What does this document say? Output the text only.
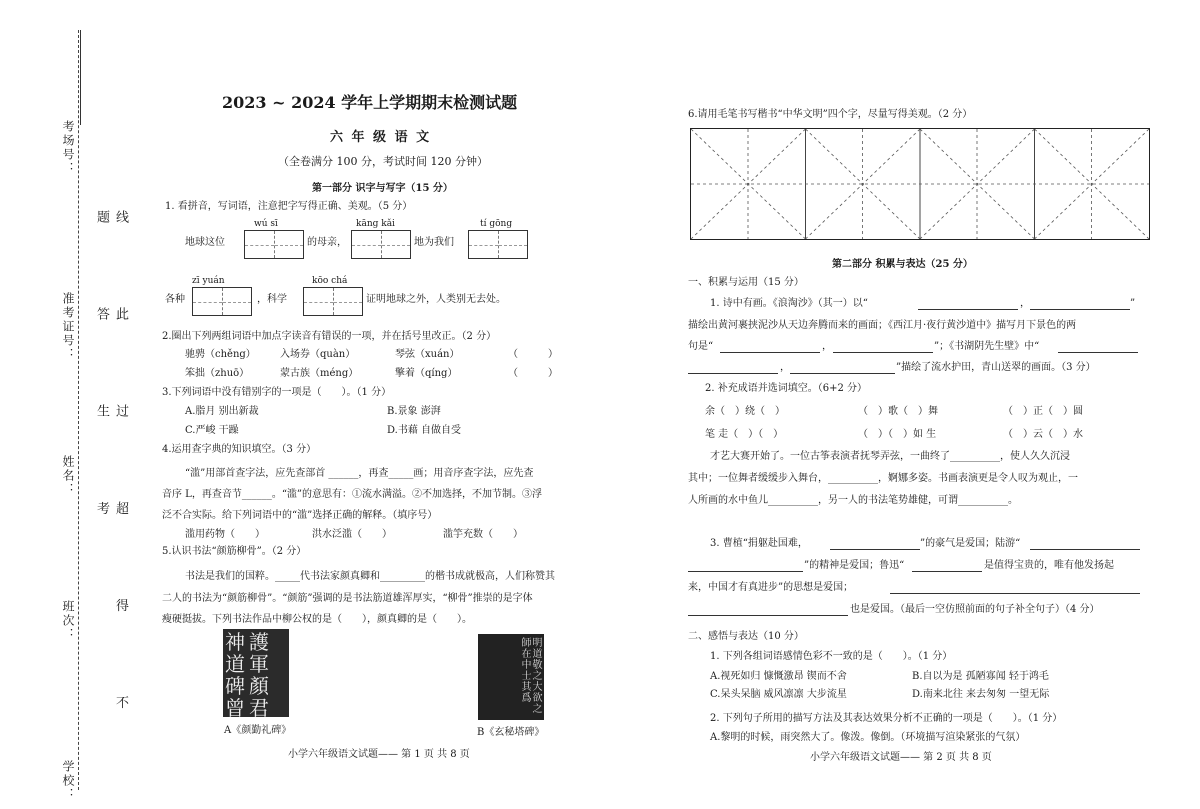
考场号：
准考证号：
姓名：
班次：
学校：
线 此 过 超 得 不 题 答 生 考
2023 ~ 2024 学年上学期期末检测试题
六 年 级 语 文
（全卷满分 100 分，考试时间 120 分钟）
第一部分 识字与写字（15 分）
1. 看拼音，写词语，注意把字写得正确、美观。（5 分）
wú sī	kāng kǎi	tí gōng
地球这位	的母亲，	地为我们
zī yuán	kōo chá
各种	，科学	证明地球之外，人类别无去处。
2.圈出下列两组词语中加点字读音有错误的一项，并在括号里改正。（2 分）
驰骋（chěng） 入场券（quàn）	琴弦（xuán）	（　　　）
笨拙（zhuō）	蒙古族（méng）	擎着（qíng）	（　　　）
3.下列词语中没有错别字的一项是（　　）。（1 分）
A.脂月 别出新裁	B.景象 澎湃
C.严峻 干躁	D.书藉 自做自受
4.运用查字典的知识填空。（3 分）
“滥”用部首查字法，应先查部首 ______，再查_____画；用音序查字法，应先查
音序 L，再查音节______。“滥”的意思有：①流水满溢。②不加选择，不加节制。③浮
泛不合实际。给下列词语中的“滥”选择正确的解释。（填序号）
滥用药物（　　）	洪水泛滥（　　）	滥竽充数（　　）
5.认识书法“颜筋柳骨”。（2 分）
书法是我们的国粹。_____代书法家颜真卿和_________的楷书成就极高，人们称赞其
二人的书法为“颜筋柳骨”。“颜筋”强调的是书法筋道雄浑厚实，“柳骨”推崇的是字体
瘦硬挺拔。下列书法作品中柳公权的是（　　），颜真卿的是（　　）。
神護道軍碑顏曾君
A《颜勤礼碑》
明道敬之大欲之師在中士其爲
B《玄秘塔碑》
小学六年级语文试题—— 第 1 页 共 8 页
6.请用毛笔书写楷书“中华文明”四个字，尽量写得美观。（2 分）
第二部分 积累与表达（25 分）
一、积累与运用（15 分）
1. 诗中有画。《浪淘沙》（其一）以“	，	”
描绘出黄河裹挟泥沙从天边奔腾而来的画面；《西江月·夜行黄沙道中》描写月下景色的两
句是“	，	”；《书湖阴先生壁》中“
，	”描绘了流水护田，青山送翠的画面。（3 分）
2. 补充成语并选词填空。（6+2 分）
余（　）绕（　）	（　）歌（　）舞	（　）正（　）圆
笔 走（　）（　）	（　）（　）如 生	（　）云（　）水
才艺大赛开始了。一位古筝表演者抚琴弄弦，一曲终了__________，使人久久沉浸
其中；一位舞者缓缓步入舞台，__________，婀娜多姿。书画表演更是令人叹为观止，一
人所画的水中鱼儿__________，另一人的书法笔势雄健，可谓__________。
3. 曹植“捐躯赴国难，	”的豪气是爱国；陆游“
”的精神是爱国；鲁迅“	是值得宝贵的，唯有他发扬起
来，中国才有真进步”的思想是爱国；
也是爱国。（最后一空仿照前面的句子补全句子）（4 分）
二、感悟与表达（10 分）
1. 下列各组词语感情色彩不一致的是（　　）。（1 分）
A.视死如归 慷慨激昂 锲而不舍	B.自以为是 孤陋寡闻 轻于鸿毛
C.呆头呆脑 威风凛凛 大步流星	D.南来北往 来去匆匆 一望无际
2. 下列句子所用的描写方法及其表达效果分析不正确的一项是（　　）。（1 分）
A.黎明的时候，雨突然大了。像泼。像倒。（环境描写渲染紧张的气氛）
小学六年级语文试题—— 第 2 页 共 8 页
